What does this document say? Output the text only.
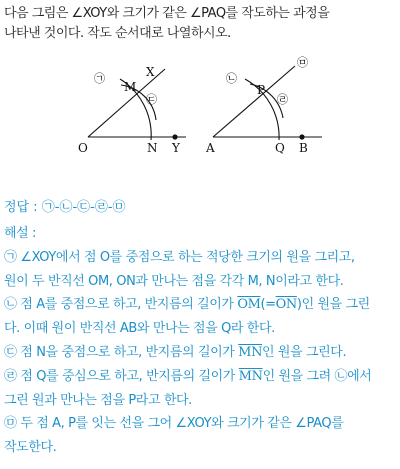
다음 그림은 ∠XOY와 크기가 같은 ∠PAQ를 작도하는 과정을
나타낸 것이다. 작도 순서대로 나열하시오.
O	N Y
M
X
㉠
㉢
A	Q B
P
㉡
㉣
㉤
정답 : ㉠-㉡-㉢-㉣-㉤
해설 :
㉠ ∠XOY에서 점 O를 중점으로 하는 적당한 크기의 원을 그리고,
원이 두 반직선 OM, ON과 만나는 점을 각각 M, N이라고 한다.
㉡ 점 A를 중점으로 하고, 반지름의 길이가 $\overline{OM}(=\overline{ON})$인 원을 그린
다. 이때 원이 반직선 AB와 만나는 점을 Q라 한다.
㉢ 점 N을 중점으로 하고, 반지름의 길이가 $\overline{MN}$인 원을 그린다.
㉣ 점 Q를 중심으로 하고, 반지름의 길이가 $\overline{MN}$인 원을 그려 ㉡에서
그린 원과 만나는 점을 P라고 한다.
㉤ 두 점 A, P를 잇는 선을 그어 ∠XOY와 크기가 같은 ∠PAQ를
작도한다.
